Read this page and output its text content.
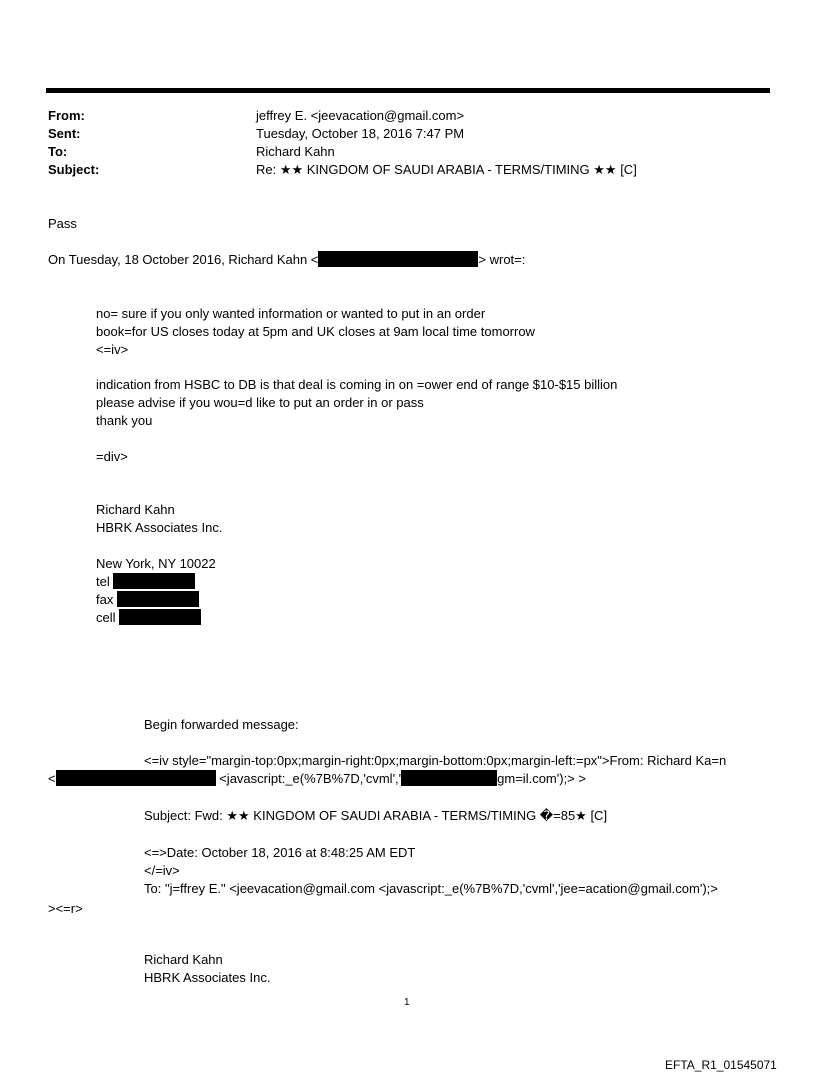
From:	jeffrey E. <jeevacation@gmail.com>
Sent:	Tuesday, October 18, 2016 7:47 PM
To:	Richard Kahn
Subject:	Re: ★★ KINGDOM OF SAUDI ARABIA - TERMS/TIMING ★★ [C]
Pass
On Tuesday, 18 October 2016, Richard Kahn <	> wrot=:
no= sure if you only wanted information or wanted to put in an order
book=for US closes today at 5pm and UK closes at 9am local time tomorrow
<=iv>
indication from HSBC to DB is that deal is coming in on =ower end of range $10-$15 billion
please advise if you wou=d like to put an order in or pass
thank you
=div>
Richard Kahn
HBRK Associates Inc.
New York, NY 10022
tel
fax
cell
Begin forwarded message:
<=iv style="margin-top:0px;margin-right:0px;margin-bottom:0px;margin-left:=px">From: Richard Ka=n
<	<javascript:_e(%7B%7D,'cvml','	gm=il.com');> >
Subject: Fwd: ★★ KINGDOM OF SAUDI ARABIA - TERMS/TIMING �=85★ [C]
<=>Date: October 18, 2016 at 8:48:25 AM EDT
</=iv>
To: "j=ffrey E." <jeevacation@gmail.com <javascript:_e(%7B%7D,'cvml','jee=acation@gmail.com');>
><=r>
Richard Kahn
HBRK Associates Inc.
1
EFTA_R1_01545071
